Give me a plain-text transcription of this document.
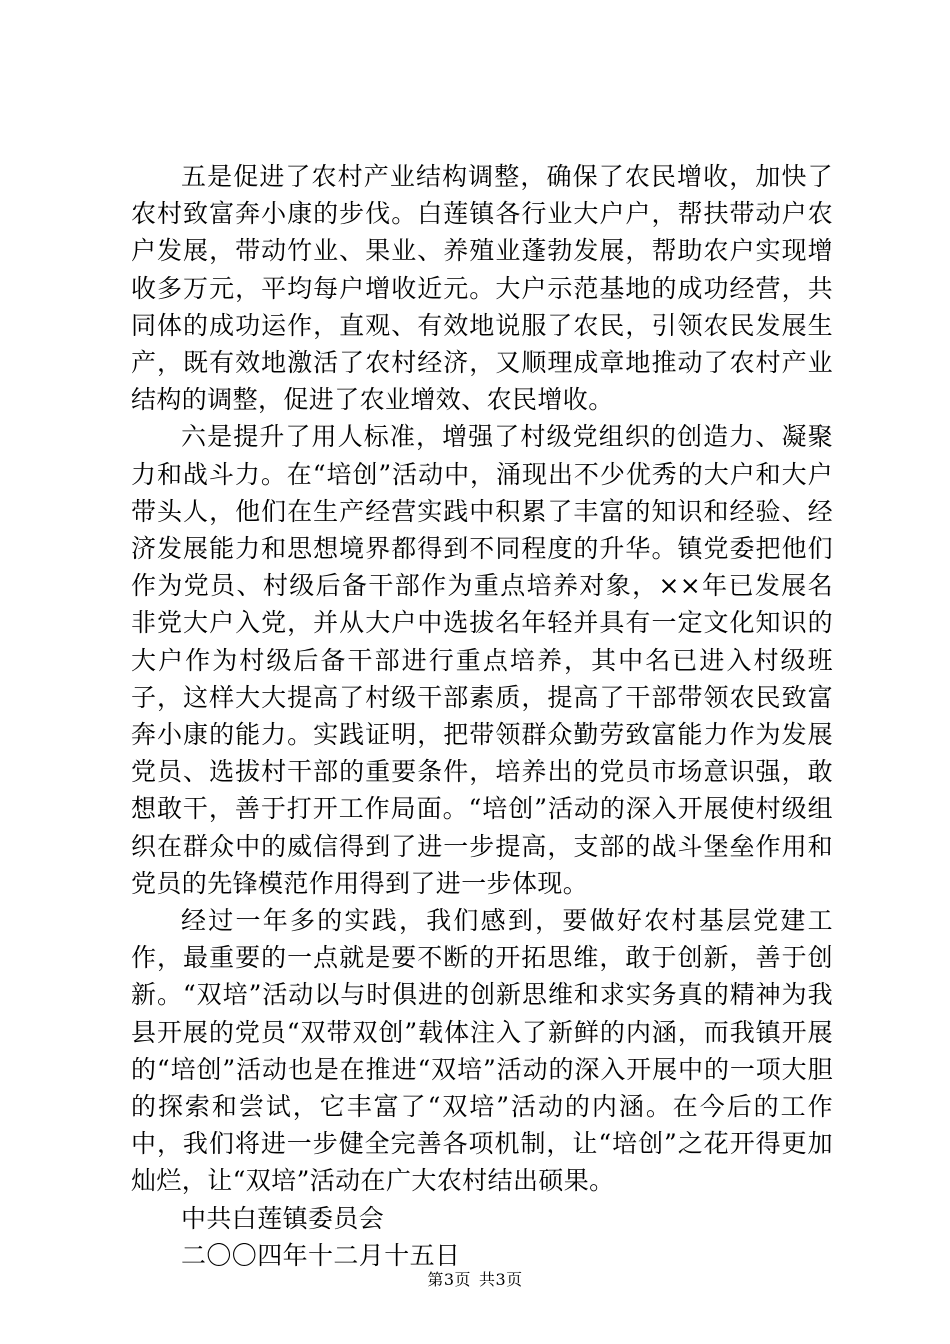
五是促进了农村产业结构调整，确保了农民增收，加快了农村致富奔小康的步伐。白莲镇各行业大户户，帮扶带动户农户发展，带动竹业、果业、养殖业蓬勃发展，帮助农户实现增收多万元，平均每户增收近元。大户示范基地的成功经营，共同体的成功运作，直观、有效地说服了农民，引领农民发展生产，既有效地激活了农村经济，又顺理成章地推动了农村产业结构的调整，促进了农业增效、农民增收。

六是提升了用人标准，增强了村级党组织的创造力、凝聚力和战斗力。在“培创”活动中，涌现出不少优秀的大户和大户带头人，他们在生产经营实践中积累了丰富的知识和经验、经济发展能力和思想境界都得到不同程度的升华。镇党委把他们作为党员、村级后备干部作为重点培养对象，××年已发展名非党大户入党，并从大户中选拔名年轻并具有一定文化知识的大户作为村级后备干部进行重点培养，其中名已进入村级班子，这样大大提高了村级干部素质，提高了干部带领农民致富奔小康的能力。实践证明，把带领群众勤劳致富能力作为发展党员、选拔村干部的重要条件，培养出的党员市场意识强，敢想敢干，善于打开工作局面。“培创”活动的深入开展使村级组织在群众中的威信得到了进一步提高，支部的战斗堡垒作用和党员的先锋模范作用得到了进一步体现。

经过一年多的实践，我们感到，要做好农村基层党建工作，最重要的一点就是要不断的开拓思维，敢于创新，善于创新。“双培”活动以与时俱进的创新思维和求实务真的精神为我县开展的党员“双带双创”载体注入了新鲜的内涵，而我镇开展的“培创”活动也是在推进“双培”活动的深入开展中的一项大胆的探索和尝试，它丰富了“双培”活动的内涵。在今后的工作中，我们将进一步健全完善各项机制，让“培创”之花开得更加灿烂，让“双培”活动在广大农村结出硕果。

中共白莲镇委员会

二〇〇四年十二月十五日

第3页 共3页
